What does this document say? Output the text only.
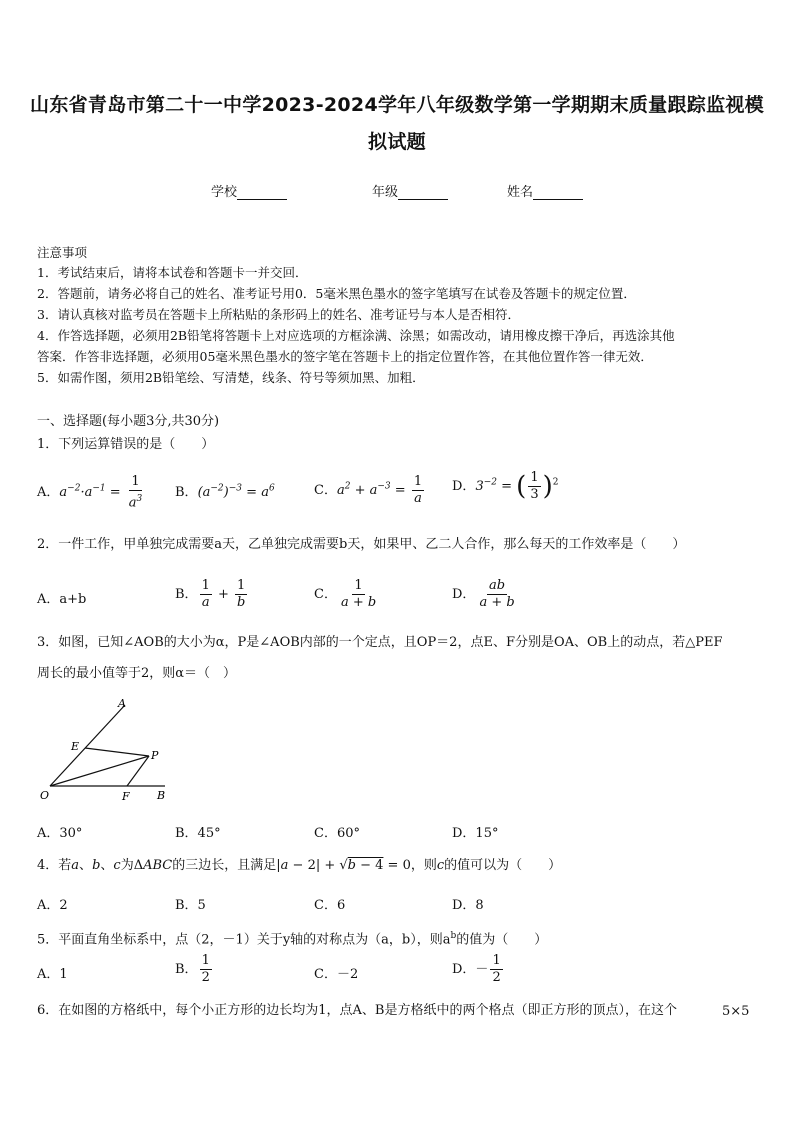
山东省青岛市第二十一中学2023-2024学年八年级数学第一学期期末质量跟踪监视模
拟试题
学校	年级	姓名
注意事项
1．考试结束后，请将本试卷和答题卡一并交回．
2．答题前，请务必将自己的姓名、准考证号用0．5毫米黑色墨水的签字笔填写在试卷及答题卡的规定位置．
3．请认真核对监考员在答题卡上所粘贴的条形码上的姓名、准考证号与本人是否相符．
4．作答选择题，必须用2B铅笔将答题卡上对应选项的方框涂满、涂黑；如需改动，请用橡皮擦干净后，再选涂其他
答案．作答非选择题，必须用05毫米黑色墨水的签字笔在答题卡上的指定位置作答，在其他位置作答一律无效．
5．如需作图，须用2B铅笔绘、写清楚，线条、符号等须加黑、加粗．
一、选择题(每小题3分,共30分)
1．下列运算错误的是（　　）
A．$a^{-2}\cdot a^{-1} = \frac{1}{a^3}$ B．$(a^{-2})^{-3} = a^6$	C．$a^2 + a^{-3} = \frac{1}{a}$ D．$3^{-2}$ = ( $\frac{1}{3} )^2$
2．一件工作，甲单独完成需要a天，乙单独完成需要b天，如果甲、乙二人合作，那么每天的工作效率是（　　）
A．a+b	B． $\frac{1}{a} + \frac{1}{b}$	C． $\frac{1}{a + b}$	D． $\frac{ab}{a + b}$
3．如图，已知∠AOB的大小为α，P是∠AOB内部的一个定点，且OP＝2，点E、F分别是OA、OB上的动点，若△PEF
周长的最小值等于2，则α＝（　）
A
E
P
O	F B
A．30°	B．45°	C．60°	D．15°
4．若a、b、c为ΔABC的三边长，且满足|a − 2| + √b − 4 = 0，则c的值可以为（　　）
A．2	B．5	C．6	D．8
5．平面直角坐标系中，点（2，－1）关于y轴的对称点为（a，b），则$a^b$的值为（　　）
A．1	B． $\frac{1}{2}$	C．－2	D．－ $\frac{1}{2}$
6．在如图的方格纸中，每个小正方形的边长均为1，点A、B是方格纸中的两个格点（即正方形的顶点），在这个	5×5
